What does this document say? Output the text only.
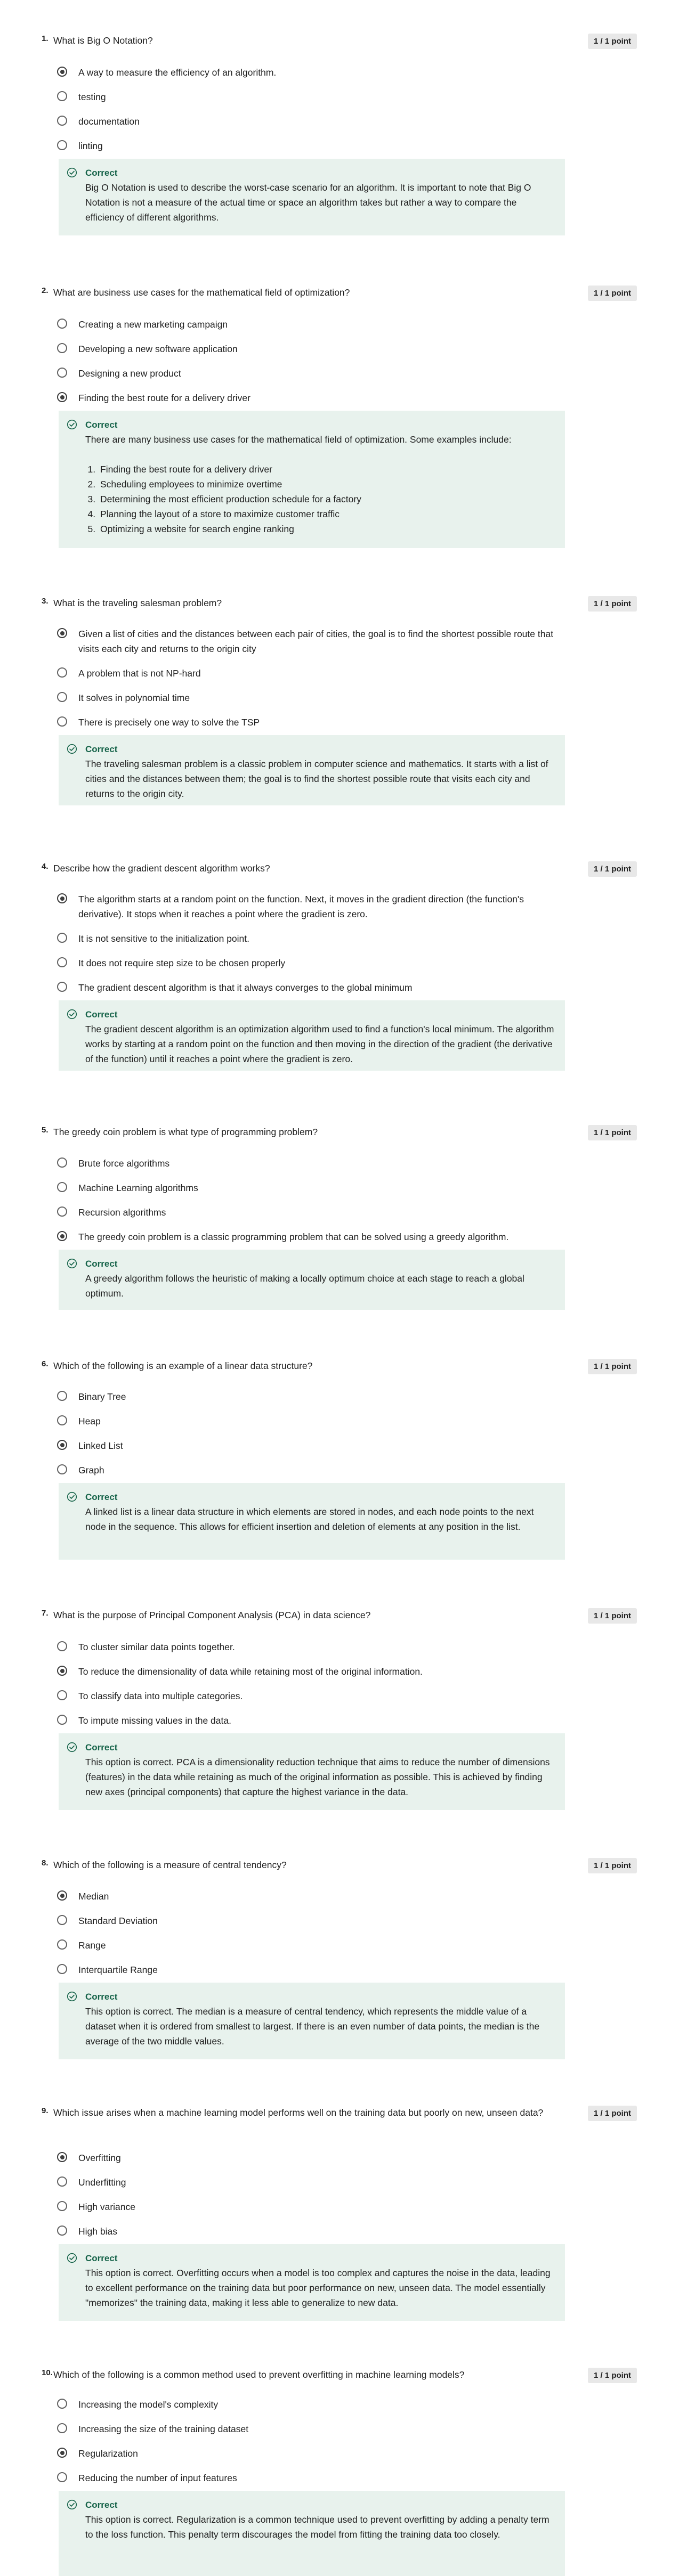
1. What is Big O Notation?	1 / 1 point
A way to measure the efficiency of an algorithm.
testing
documentation
linting
Correct

Big O Notation is used to describe the worst-case scenario for an algorithm. It is important to note that Big O Notation is not a measure of the actual time or space an algorithm takes but rather a way to compare the efficiency of different algorithms.

2. What are business use cases for the mathematical field of optimization?	1 / 1 point
Creating a new marketing campaign
Developing a new software application
Designing a new product
Finding the best route for a delivery driver
Correct

There are many business use cases for the mathematical field of optimization. Some examples include:

1. Finding the best route for a delivery driver
2. Scheduling employees to minimize overtime
3. Determining the most efficient production schedule for a factory
4. Planning the layout of a store to maximize customer traffic
5. Optimizing a website for search engine ranking
3. What is the traveling salesman problem?	1 / 1 point
Given a list of cities and the distances between each pair of cities, the goal is to find the shortest possible route that visits each city and returns to the origin city
A problem that is not NP-hard
It solves in polynomial time
There is precisely one way to solve the TSP
Correct

The traveling salesman problem is a classic problem in computer science and mathematics. It starts with a list of cities and the distances between them; the goal is to find the shortest possible route that visits each city and returns to the origin city.

4. Describe how the gradient descent algorithm works?	1 / 1 point
The algorithm starts at a random point on the function. Next, it moves in the gradient direction (the function's derivative). It stops when it reaches a point where the gradient is zero.
It is not sensitive to the initialization point.
It does not require step size to be chosen properly
The gradient descent algorithm is that it always converges to the global minimum
Correct

The gradient descent algorithm is an optimization algorithm used to find a function's local minimum. The algorithm works by starting at a random point on the function and then moving in the direction of the gradient (the derivative of the function) until it reaches a point where the gradient is zero.

5. The greedy coin problem is what type of programming problem?	1 / 1 point
Brute force algorithms
Machine Learning algorithms
Recursion algorithms
The greedy coin problem is a classic programming problem that can be solved using a greedy algorithm.
Correct

A greedy algorithm follows the heuristic of making a locally optimum choice at each stage to reach a global optimum.

6. Which of the following is an example of a linear data structure?	1 / 1 point
Binary Tree
Heap
Linked List
Graph
Correct

A linked list is a linear data structure in which elements are stored in nodes, and each node points to the next node in the sequence. This allows for efficient insertion and deletion of elements at any position in the list.

7. What is the purpose of Principal Component Analysis (PCA) in data science?	1 / 1 point
To cluster similar data points together.
To reduce the dimensionality of data while retaining most of the original information.
To classify data into multiple categories.
To impute missing values in the data.
Correct

This option is correct. PCA is a dimensionality reduction technique that aims to reduce the number of dimensions (features) in the data while retaining as much of the original information as possible. This is achieved by finding new axes (principal components) that capture the highest variance in the data.

8. Which of the following is a measure of central tendency?	1 / 1 point
Median
Standard Deviation
Range
Interquartile Range
Correct

This option is correct. The median is a measure of central tendency, which represents the middle value of a dataset when it is ordered from smallest to largest. If there is an even number of data points, the median is the average of the two middle values.

9. Which issue arises when a machine learning model performs well on the training data but poorly on new, unseen data?	1 / 1 point
Overfitting
Underfitting
High variance
High bias
Correct

This option is correct. Overfitting occurs when a model is too complex and captures the noise in the data, leading to excellent performance on the training data but poor performance on new, unseen data. The model essentially "memorizes" the training data, making it less able to generalize to new data.

10. Which of the following is a common method used to prevent overfitting in machine learning models?	1 / 1 point
Increasing the model's complexity
Increasing the size of the training dataset
Regularization
Reducing the number of input features
Correct

This option is correct. Regularization is a common technique used to prevent overfitting by adding a penalty term to the loss function. This penalty term discourages the model from fitting the training data too closely.
